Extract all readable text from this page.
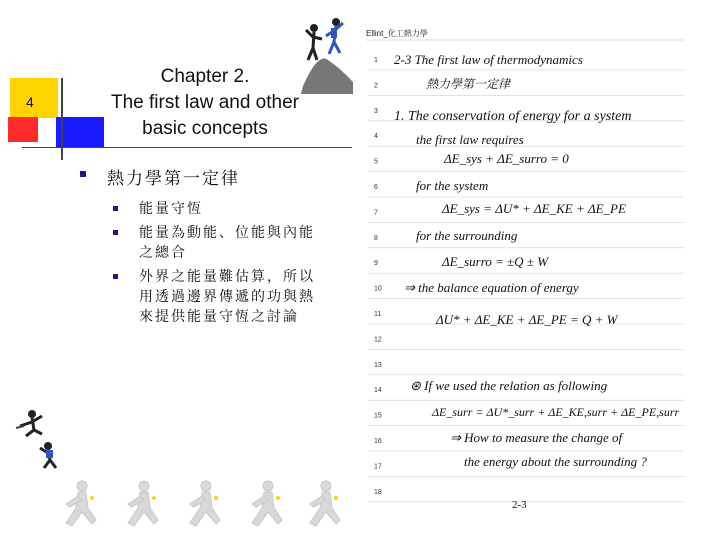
4
Chapter 2.
The first law and other
basic concepts
熱力學第一定律
能量守恆
能量為動能、位能與內能之總合
外界之能量難估算，所以用透過邊界傳遞的功與熱來提供能量守恆之討論
Ellint_化工熱力學
1
2
3
4
5
6
7
8
9
10
11
12
13
14
15
16
17
18
2-3 The first law of thermodynamics
熱力學第一定律
1. The conservation of energy for a system
the first law requires
ΔE_sys + ΔE_surro = 0
for the system
ΔE_sys = ΔU* + ΔE_KE + ΔE_PE
for the surrounding
ΔE_surro = ±Q ± W
⇒ the balance equation of energy
ΔU* + ΔE_KE + ΔE_PE = Q + W
⊛ If we used the relation as following
ΔE_surr = ΔU*_surr + ΔE_KE,surr + ΔE_PE,surr
⇒ How to measure the change of
the energy about the surrounding ?
2-3
